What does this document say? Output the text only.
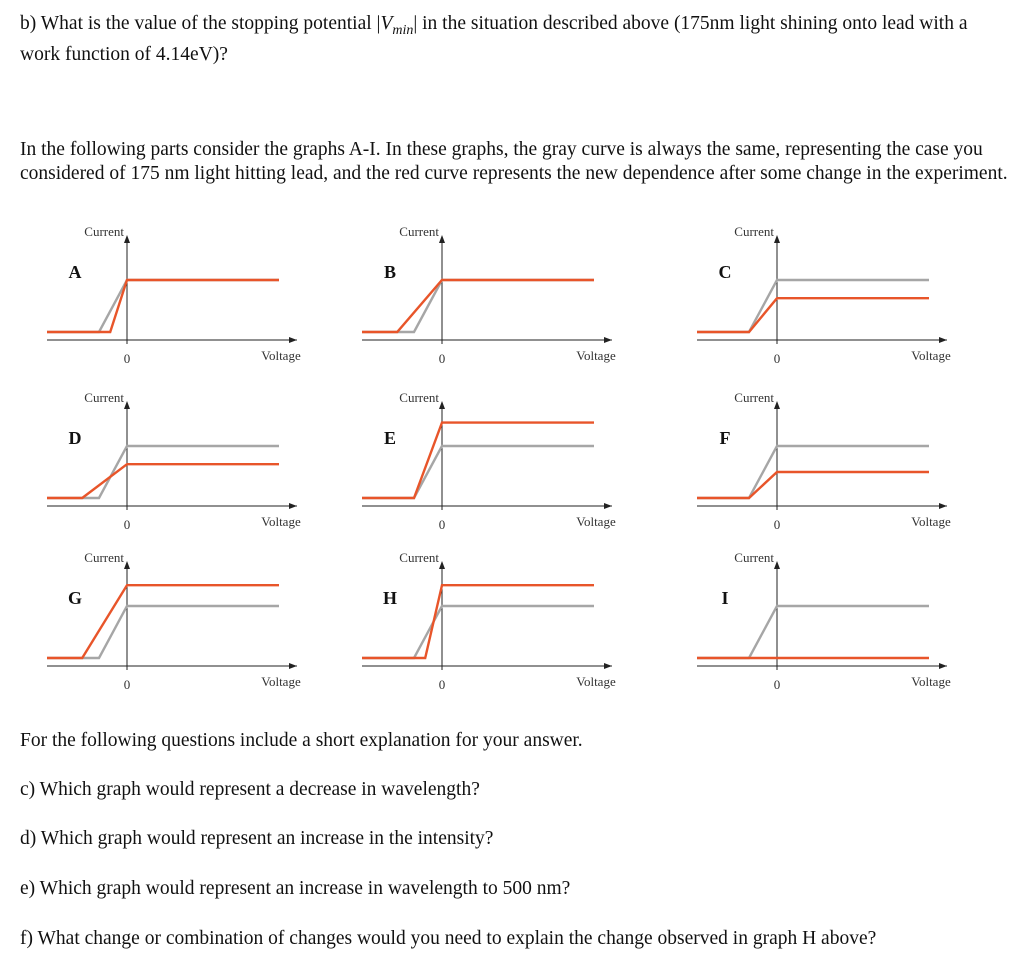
b) What is the value of the stopping potential $|V_{min}|$ in the situation described above (175nm light shining onto lead with a work function of 4.14eV)?

In the following parts consider the graphs A-I. In these graphs, the gray curve is always the same, representing the case you considered of 175 nm light hitting lead, and the red curve represents the new dependence after some change in the experiment.

Current
Voltage
0
A
Current
Voltage
0
B
Current
Voltage
0
C
Current
Voltage
0
D
Current
Voltage
0
E
Current
Voltage
0
F
Current
Voltage
0
G
Current
Voltage
0
H
Current
Voltage
0
I

For the following questions include a short explanation for your answer.

c) Which graph would represent a decrease in wavelength?

d) Which graph would represent an increase in the intensity?

e) Which graph would represent an increase in wavelength to 500 nm?

f) What change or combination of changes would you need to explain the change observed in graph H above?
